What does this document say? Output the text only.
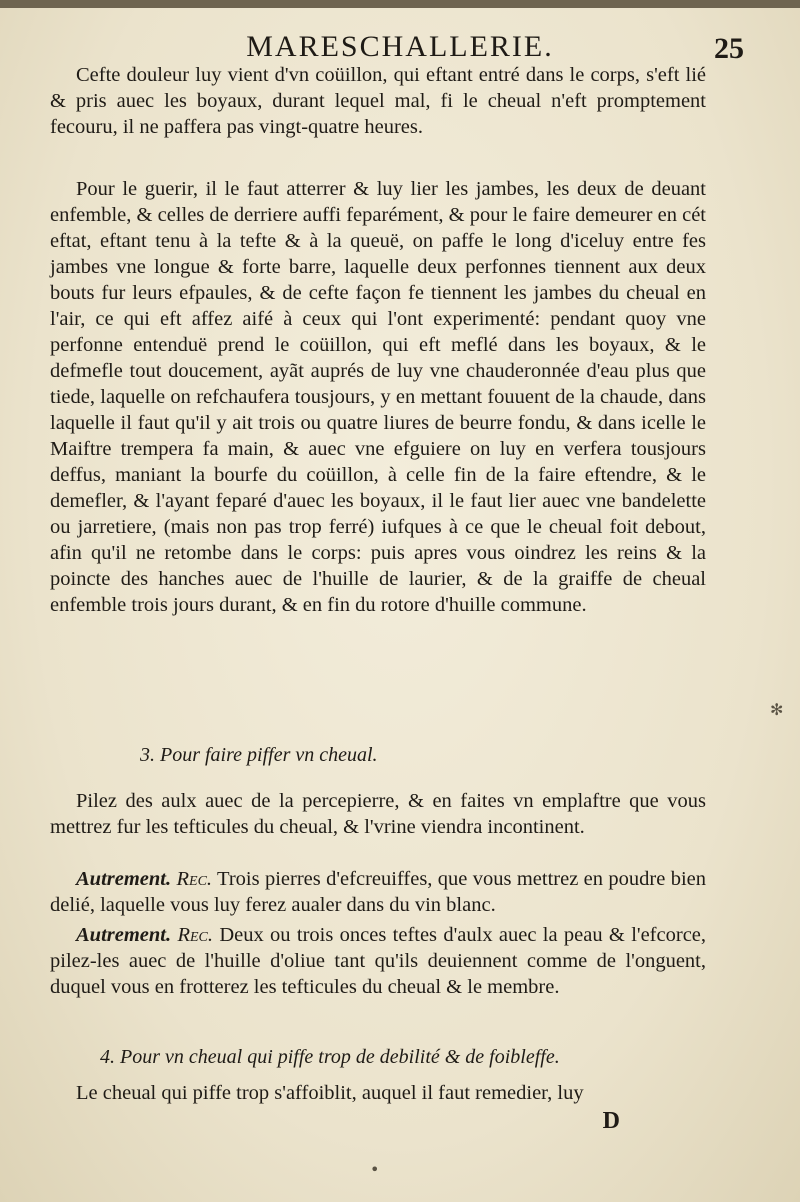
MARESCHALLERIE.	25

Cefte douleur luy vient d'vn coüillon, qui eftant entré dans le corps, s'eft lié & pris auec les boyaux, durant lequel mal, fi le cheual n'eft promptement fecouru, il ne paffera pas vingt-quatre heures.

Pour le guerir, il le faut atterrer & luy lier les jambes, les deux de deuant enfemble, & celles de derriere auffi feparément, & pour le faire demeurer en cét eftat, eftant tenu à la tefte & à la queuë, on paffe le long d'iceluy entre fes jambes vne longue & forte barre, laquelle deux perfonnes tiennent aux deux bouts fur leurs efpaules, & de cefte façon fe tiennent les jambes du cheual en l'air, ce qui eft affez aifé à ceux qui l'ont experimenté: pendant quoy vne perfonne entenduë prend le coüillon, qui eft meflé dans les boyaux, & le defmefle tout doucement, ayãt auprés de luy vne chauderonnée d'eau plus que tiede, laquelle on refchaufera tousjours, y en mettant fouuent de la chaude, dans laquelle il faut qu'il y ait trois ou quatre liures de beurre fondu, & dans icelle le Maiftre trempera fa main, & auec vne efguiere on luy en verfera tousjours deffus, maniant la bourfe du coüillon, à celle fin de la faire eftendre, & le demefler, & l'ayant feparé d'auec les boyaux, il le faut lier auec vne bandelette ou jarretiere, (mais non pas trop ferré) iufques à ce que le cheual foit debout, afin qu'il ne retombe dans le corps: puis apres vous oindrez les reins & la poincte des hanches auec de l'huille de laurier, & de la graiffe de cheual enfemble trois jours durant, & en fin du rotore d'huille commune.

3. Pour faire piffer vn cheual.

Pilez des aulx auec de la percepierre, & en faites vn emplaftre que vous mettrez fur les tefticules du cheual, & l'vrine viendra incontinent.

Autrement. Rec. Trois pierres d'efcreuiffes, que vous mettrez en poudre bien delié, laquelle vous luy ferez aualer dans du vin blanc.

Autrement. Rec. Deux ou trois onces teftes d'aulx auec la peau & l'efcorce, pilez-les auec de l'huille d'oliue tant qu'ils deuiennent comme de l'onguent, duquel vous en frotterez les tefticules du cheual & le membre.

4. Pour vn cheual qui piffe trop de debilité & de foibleffe.

Le cheual qui piffe trop s'affoiblit, auquel il faut remedier, luy

D
✻
•
